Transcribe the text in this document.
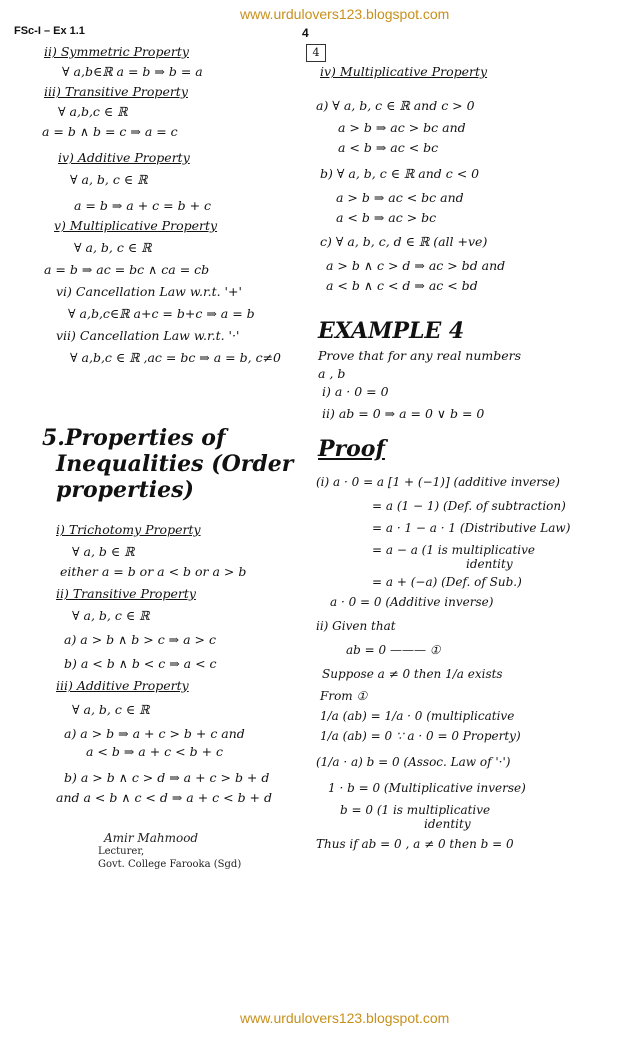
www.urdulovers123.blogspot.com
FSc-I – Ex 1.1	4
4
ii) Symmetric Property
∀ a,b∈ℝ a = b ⇒ b = a
iii) Transitive Property
∀ a,b,c ∈ ℝ
a = b ∧ b = c ⇒ a = c
iv) Additive Property
∀ a, b, c ∈ ℝ
a = b ⇒ a + c = b + c
v) Multiplicative Property
∀ a, b, c ∈ ℝ
a = b ⇒ ac = bc ∧ ca = cb
vi) Cancellation Law w.r.t. '+'
∀ a,b,c∈ℝ a+c = b+c ⇒ a = b
vii) Cancellation Law w.r.t. '·'
∀ a,b,c ∈ ℝ ,ac = bc ⇒ a = b, c≠0
5.Properties of
Inequalities (Order
properties)
i) Trichotomy Property
∀ a, b ∈ ℝ
either a = b or a < b or a > b
ii) Transitive Property
∀ a, b, c ∈ ℝ
a) a > b ∧ b > c ⇒ a > c
b) a < b ∧ b < c ⇒ a < c
iii) Additive Property
∀ a, b, c ∈ ℝ
a) a > b ⇒ a + c > b + c and
a < b ⇒ a + c < b + c
b) a > b ∧ c > d ⇒ a + c > b + d
and a < b ∧ c < d ⇒ a + c < b + d
Amir Mahmood
Lecturer,
Govt. College Farooka (Sgd)
iv) Multiplicative Property
a) ∀ a, b, c ∈ ℝ and c > 0
a > b ⇒ ac > bc and
a < b ⇒ ac < bc
b) ∀ a, b, c ∈ ℝ and c < 0
a > b ⇒ ac < bc and
a < b ⇒ ac > bc
c) ∀ a, b, c, d ∈ ℝ (all +ve)
a > b ∧ c > d ⇒ ac > bd and
a < b ∧ c < d ⇒ ac < bd
EXAMPLE 4
Prove that for any real numbers
a , b
i) a · 0 = 0
ii) ab = 0 ⇒ a = 0 ∨ b = 0
Proof
(i) a · 0 = a [1 + (−1)] (additive inverse)
= a (1 − 1) (Def. of subtraction)
= a · 1 − a · 1 (Distributive Law)
= a − a (1 is multiplicative
identity
= a + (−a) (Def. of Sub.)
a · 0 = 0 (Additive inverse)
ii) Given that
ab = 0 ——— ①
Suppose a ≠ 0 then 1/a exists
From ①
1/a (ab) = 1/a · 0 (multiplicative
1/a (ab) = 0 ∵ a · 0 = 0 Property)
(1/a · a) b = 0 (Assoc. Law of '·')
1 · b = 0 (Multiplicative inverse)
b = 0 (1 is multiplicative
identity
Thus if ab = 0 , a ≠ 0 then b = 0
www.urdulovers123.blogspot.com
